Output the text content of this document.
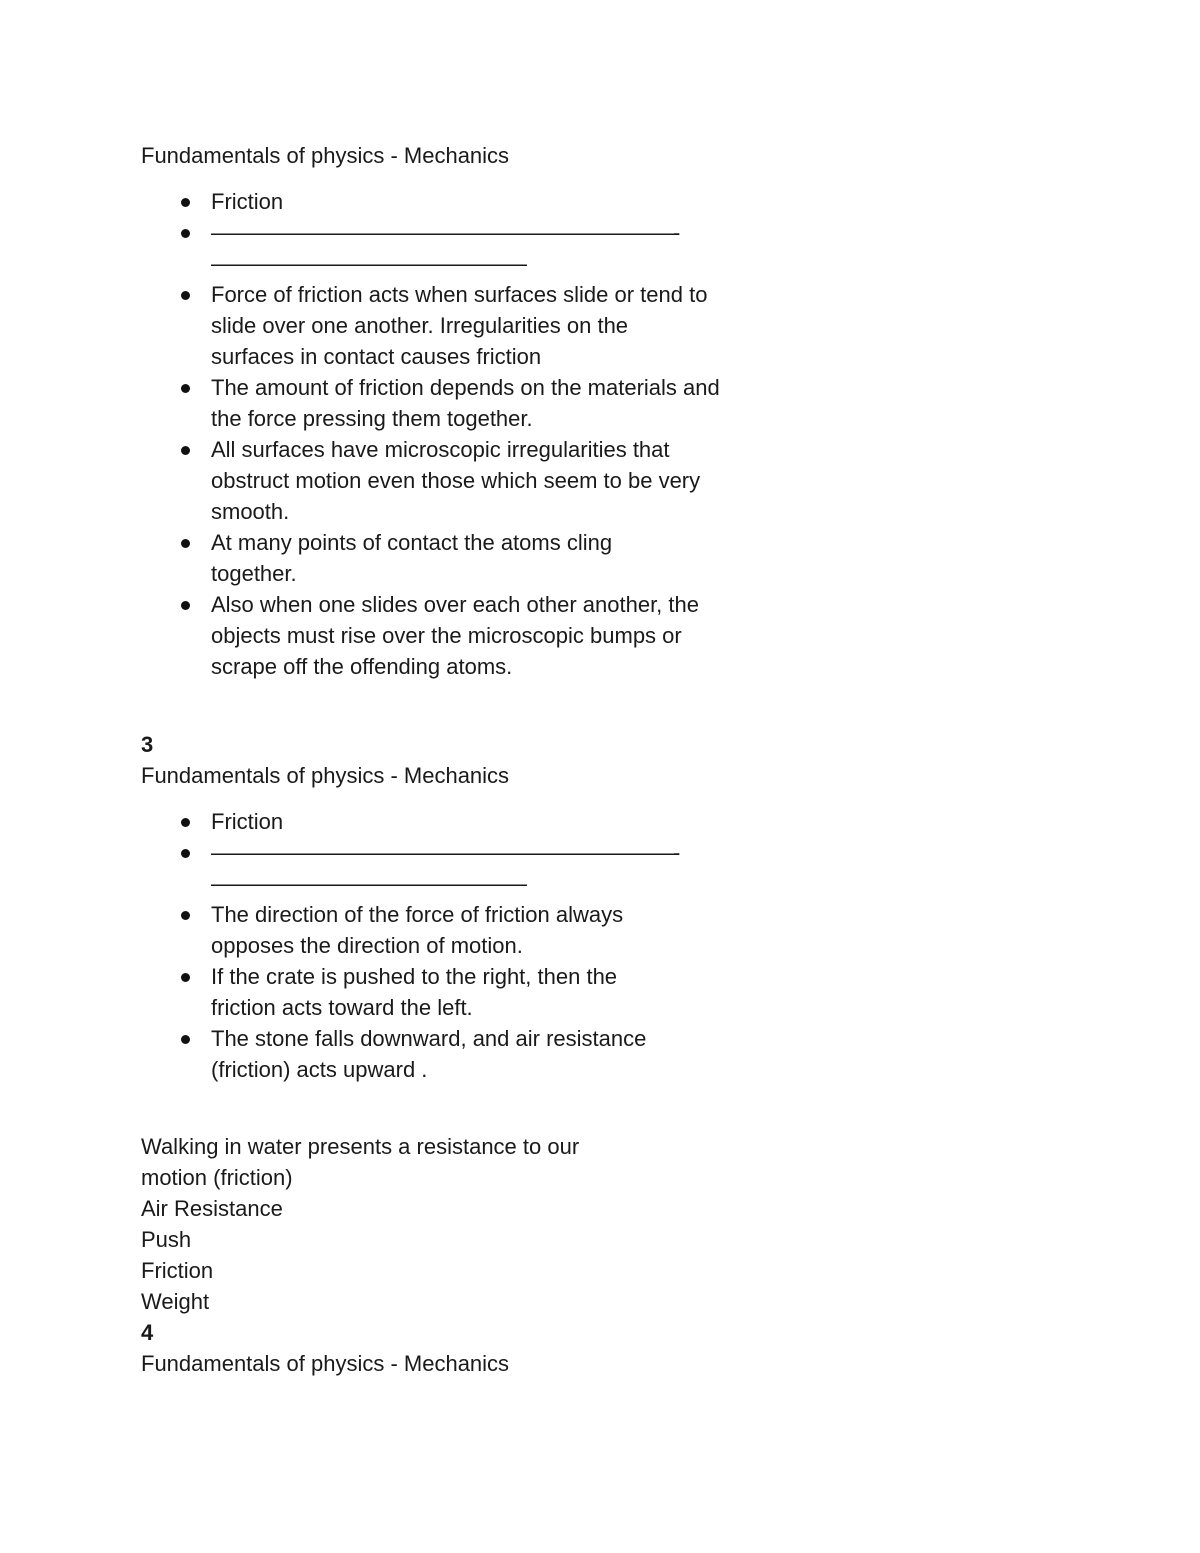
Fundamentals of physics - Mechanics
Friction
——————————————————————-
———————————————
Force of friction acts when surfaces slide or tend to slide over one another. Irregularities on the surfaces in contact causes friction
The amount of friction depends on the materials and the force pressing them together.
All surfaces have microscopic irregularities that obstruct motion even those which seem to be very smooth.
At many points of contact the atoms cling together.
Also when one slides over each other another, the objects must rise over the microscopic bumps or scrape off the offending atoms.
3
Fundamentals of physics - Mechanics
Friction
——————————————————————-
———————————————
The direction of the force of friction always opposes the direction of motion.
If the crate is pushed to the right, then the friction acts toward the left.
The stone falls downward, and air resistance (friction) acts upward .
Walking in water presents a resistance to our
motion (friction)
Air Resistance
Push
Friction
Weight
4
Fundamentals of physics - Mechanics
